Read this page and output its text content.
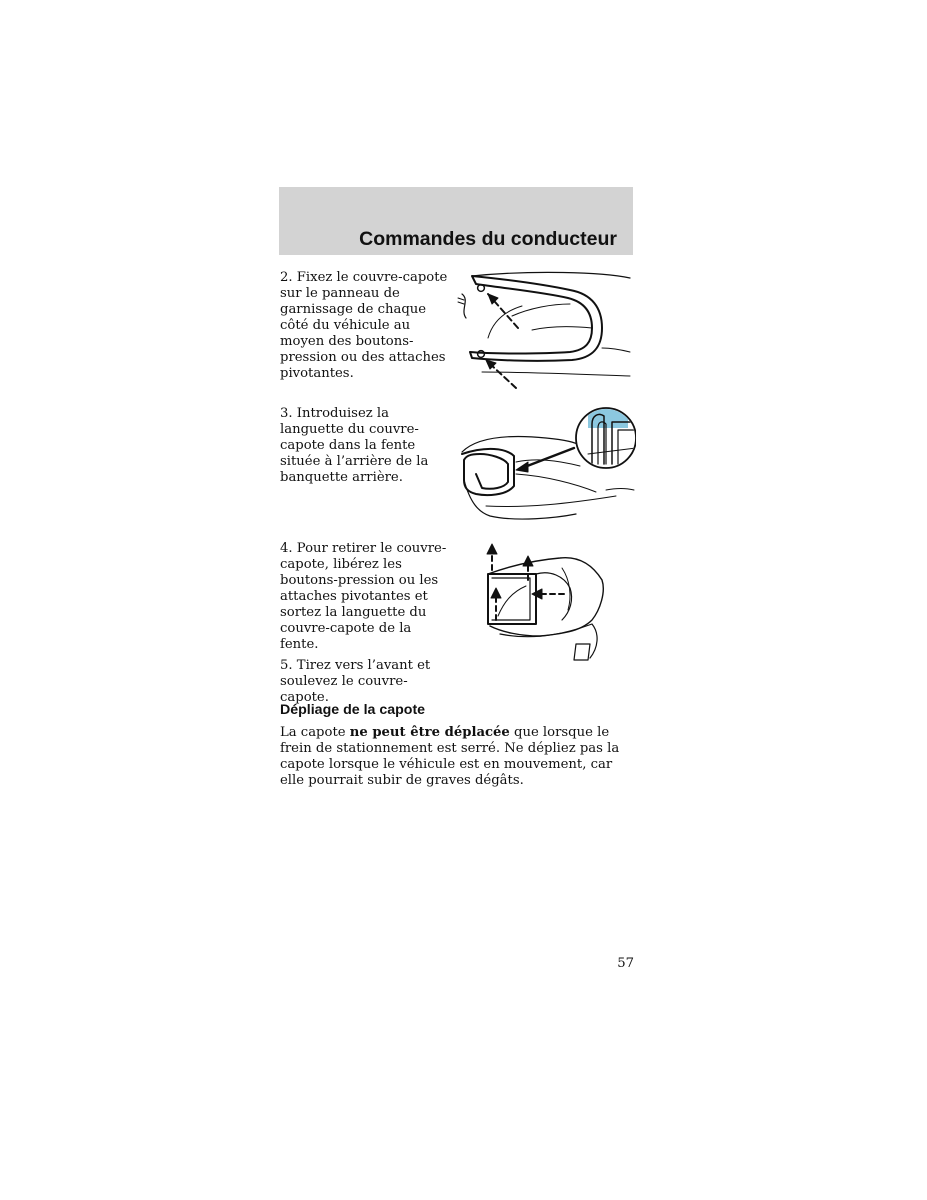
Commandes du conducteur

2. Fixez le couvre-capote sur le panneau de garnissage de chaque côté du véhicule au moyen des boutons-pression ou des attaches pivotantes.

3. Introduisez la languette du couvre-capote dans la fente située à l’arrière de la banquette arrière.

4. Pour retirer le couvre-capote, libérez les boutons-pression ou les attaches pivotantes et sortez la languette du couvre-capote de la fente.

5. Tirez vers l’avant et soulevez le couvre-capote.

Dépliage de la capote

La capote ne peut être déplacée que lorsque le frein de stationnement est serré. Ne dépliez pas la capote lorsque le véhicule est en mouvement, car elle pourrait subir de graves dégâts.

57
